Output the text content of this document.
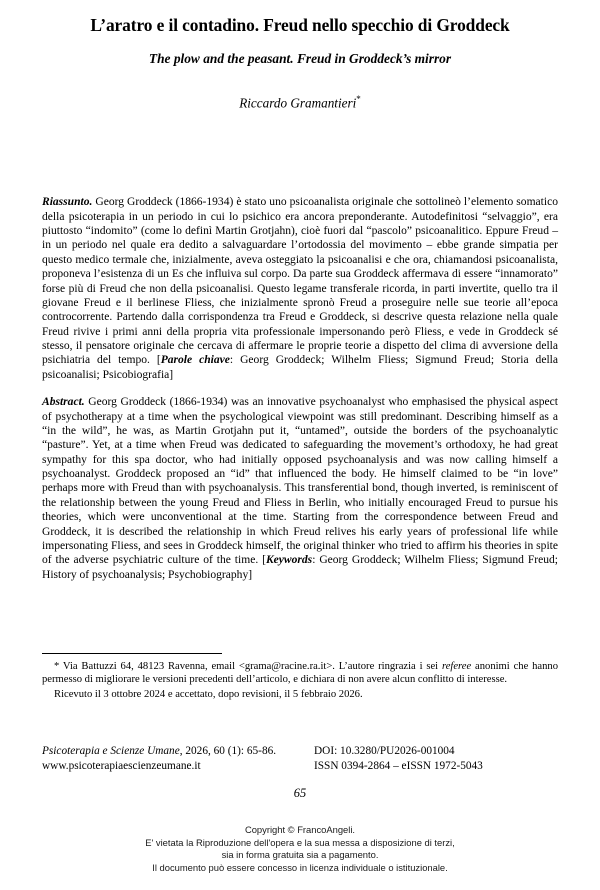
L’aratro e il contadino. Freud nello specchio di Groddeck
The plow and the peasant. Freud in Groddeck’s mirror

Riccardo Gramantieri*

Riassunto. Georg Groddeck (1866-1934) è stato uno psicoanalista originale che sottolineò l’elemento somatico della psicoterapia in un periodo in cui lo psichico era ancora preponderante. Autodefinitosi “selvaggio”, era piuttosto “indomito” (come lo definì Martin Grotjahn), cioè fuori dal “pascolo” psicoanalitico. Eppure Freud – in un periodo nel quale era dedito a salvaguardare l’ortodossia del movimento – ebbe grande simpatia per questo medico termale che, inizialmente, aveva osteggiato la psicoanalisi e che ora, chiamandosi psicoanalista, proponeva l’esistenza di un Es che influiva sul corpo. Da parte sua Groddeck affermava di essere “innamorato” forse più di Freud che non della psicoanalisi. Questo legame transferale ricorda, in parti invertite, quello tra il giovane Freud e il berlinese Fliess, che inizialmente spronò Freud a proseguire nelle sue teorie all’epoca controcorrente. Partendo dalla corrispondenza tra Freud e Groddeck, si descrive questa relazione nella quale Freud rivive i primi anni della propria vita professionale impersonando però Fliess, e vede in Groddeck sé stesso, il pensatore originale che cercava di affermare le proprie teorie a dispetto del clima di avversione della psichiatria del tempo. [Parole chiave: Georg Groddeck; Wilhelm Fliess; Sigmund Freud; Storia della psicoanalisi; Psicobiografia]

Abstract. Georg Groddeck (1866-1934) was an innovative psychoanalyst who emphasised the physical aspect of psychotherapy at a time when the psychological viewpoint was still predominant. Describing himself as a “in the wild”, he was, as Martin Grotjahn put it, “untamed”, outside the borders of the psychoanalytic “pasture”. Yet, at a time when Freud was dedicated to safeguarding the movement’s orthodoxy, he had great sympathy for this spa doctor, who had initially opposed psychoanalysis and was now calling himself a psychoanalyst. Groddeck proposed an “id” that influenced the body. He himself claimed to be “in love” perhaps more with Freud than with psychoanalysis. This transferential bond, though inverted, is reminiscent of the relationship between the young Freud and Fliess in Berlin, who initially encouraged Freud to pursue his theories, which were unconventional at the time. Starting from the correspondence between Freud and Groddeck, it is described the relationship in which Freud relives his early years of professional life while impersonating Fliess, and sees in Groddeck himself, the original thinker who tried to affirm his theories in spite of the adverse psychiatric culture of the time. [Keywords: Georg Groddeck; Wilhelm Fliess; Sigmund Freud; History of psychoanalysis; Psychobiography]

* Via Battuzzi 64, 48123 Ravenna, email <grama@racine.ra.it>. L’autore ringrazia i sei referee anonimi che hanno permesso di migliorare le versioni precedenti dell’articolo, e dichiara di non avere alcun conflitto di interesse.

Ricevuto il 3 ottobre 2024 e accettato, dopo revisioni, il 5 febbraio 2026.

Psicoterapia e Scienze Umane, 2026, 60 (1): 65-86.	DOI: 10.3280/PU2026-001004
www.psicoterapiaescienzeumane.it	ISSN 0394-2864 – eISSN 1972-5043
65
Copyright © FrancoAngeli.
E' vietata la Riproduzione dell'opera e la sua messa a disposizione di terzi,
sia in forma gratuita sia a pagamento.
Il documento può essere concesso in licenza individuale o istituzionale.
